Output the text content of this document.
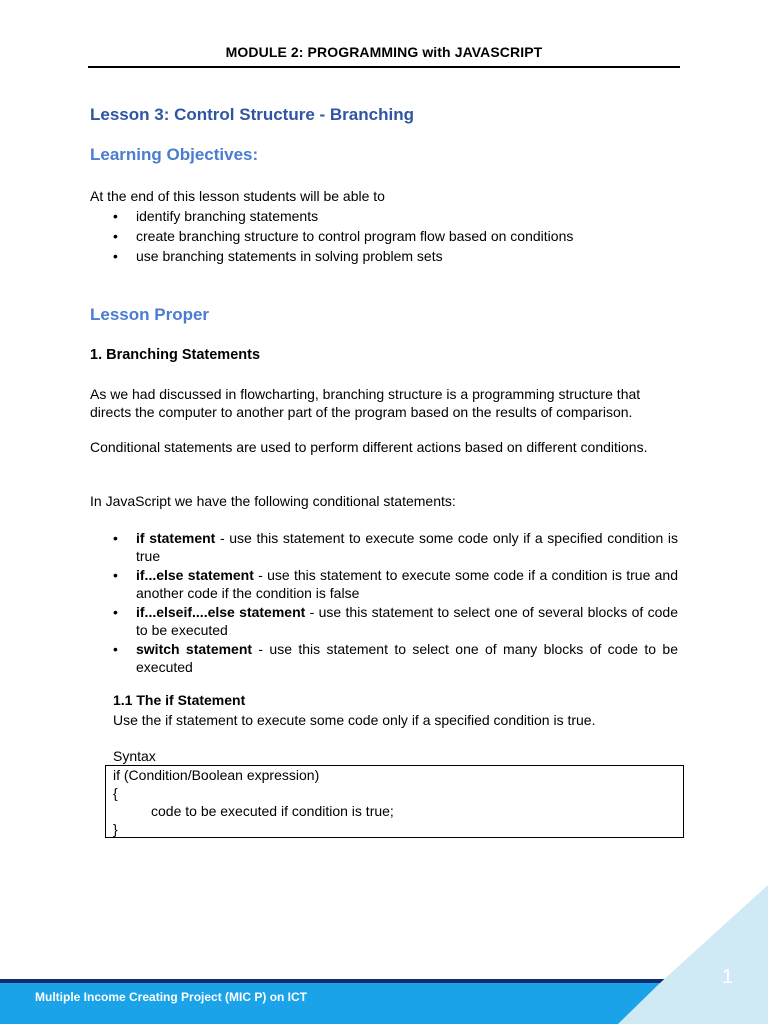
MODULE 2: PROGRAMMING with JAVASCRIPT
Lesson 3: Control Structure - Branching
Learning Objectives:
At the end of this lesson students will be able to
• identify branching statements
• create branching structure to control program flow based on conditions
• use branching statements in solving problem sets
Lesson Proper
1. Branching Statements
As we had discussed in flowcharting, branching structure is a programming structure that directs the computer to another part of the program based on the results of comparison.
Conditional statements are used to perform different actions based on different conditions.
In JavaScript we have the following conditional statements:
• if statement - use this statement to execute some code only if a specified condition is true
• if...else statement - use this statement to execute some code if a condition is true and another code if the condition is false
• if...elseif....else statement - use this statement to select one of several blocks of code to be executed
• switch statement - use this statement to select one of many blocks of code to be executed
1.1 The if Statement
Use the if statement to execute some code only if a specified condition is true.
Syntax
if (Condition/Boolean expression)
{
code to be executed if condition is true;
}
Multiple Income Creating Project (MIC P) on ICT
1
